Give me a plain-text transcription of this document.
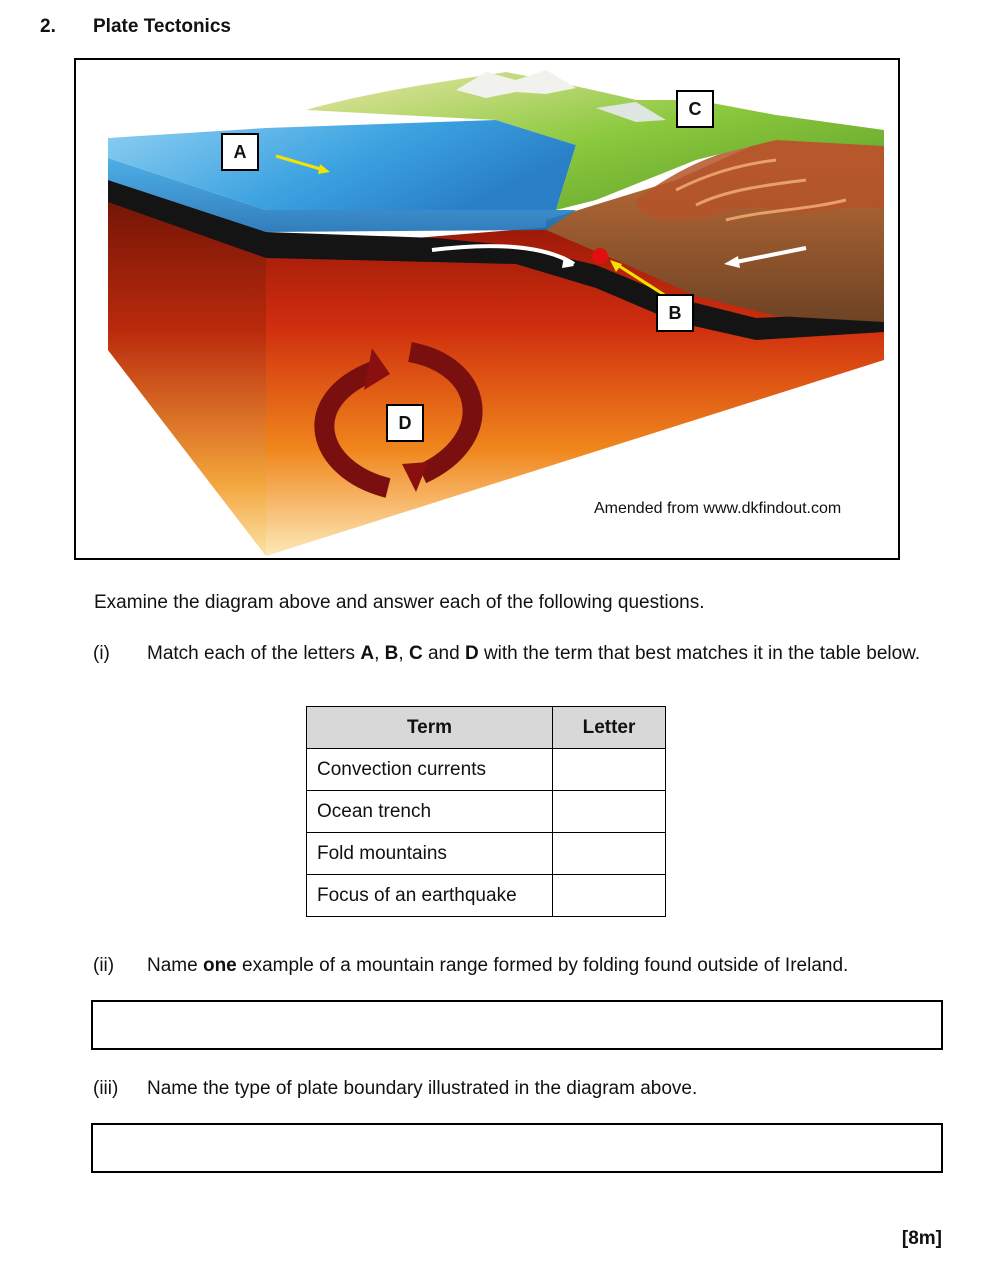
2. Plate Tectonics
A
C
B
D
Amended from www.dkfindout.com
Examine the diagram above and answer each of the following questions.
(i) Match each of the letters A, B, C and D with the term that best matches it in the table below.
Term	Letter
Convection currents	
Ocean trench	
Fold mountains	
Focus of an earthquake	
(ii) Name one example of a mountain range formed by folding found outside of Ireland.
(iii) Name the type of plate boundary illustrated in the diagram above.
[8m]
